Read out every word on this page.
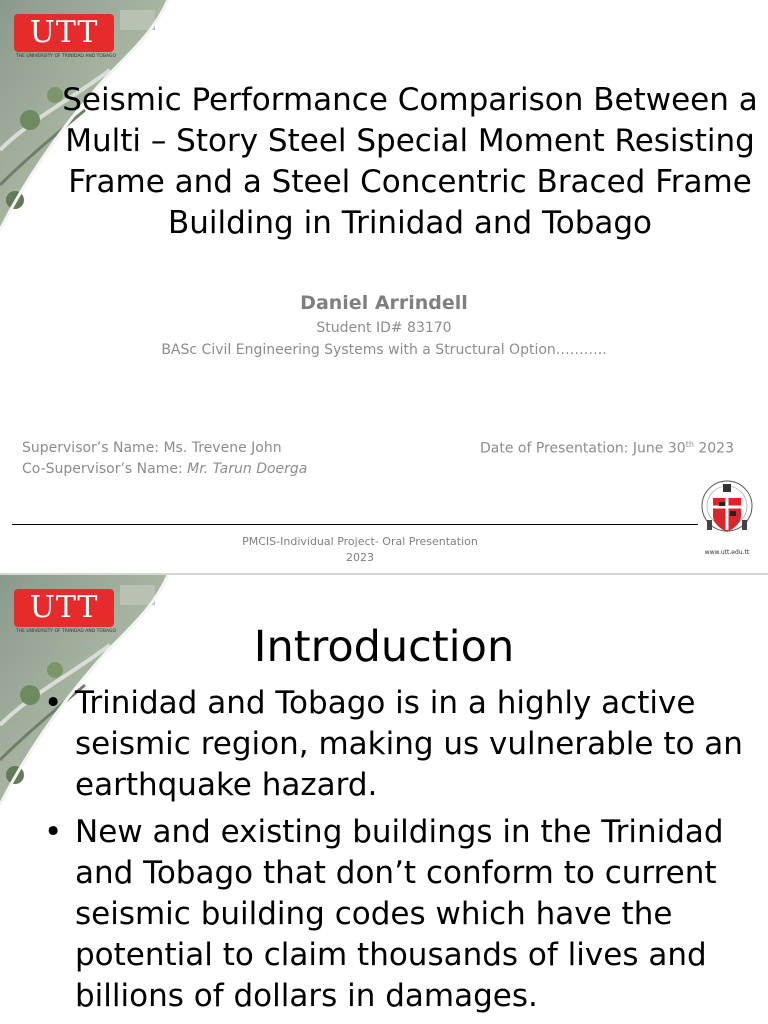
UTT
THE UNIVERSITY OF TRINIDAD AND TOBAGO
Seismic Performance Comparison Between a Multi – Story Steel Special Moment Resisting Frame and a Steel Concentric Braced Frame Building in Trinidad and Tobago
Daniel Arrindell
Student ID# 83170
BASc Civil Engineering Systems with a Structural Option………..
Supervisor’s Name: Ms. Trevene John
Co-Supervisor’s Name: Mr. Tarun Doerga
Date of Presentation: June 30th 2023
PMCIS-Individual Project- Oral Presentation
2023	www.utt.edu.tt
UTT
THE UNIVERSITY OF TRINIDAD AND TOBAGO	Introduction
• Trinidad and Tobago is in a highly active seismic region, making us vulnerable to an earthquake hazard.
• New and existing buildings in the Trinidad and Tobago that don’t conform to current seismic building codes which have the potential to claim thousands of lives and billions of dollars in damages.
